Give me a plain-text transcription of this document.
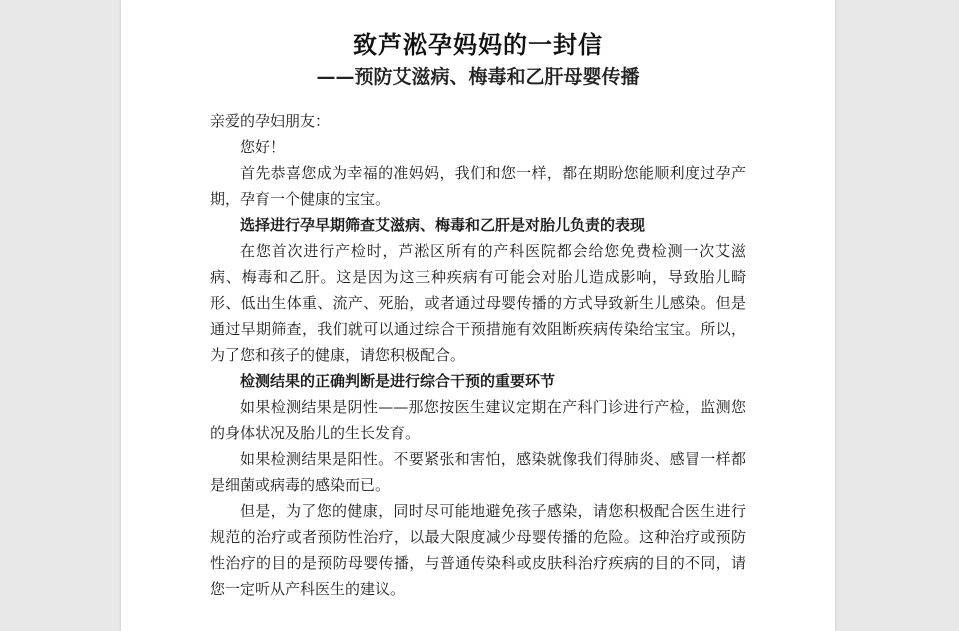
致芦淞孕妈妈的一封信
——预防艾滋病、梅毒和乙肝母婴传播

亲爱的孕妇朋友：

您好！

首先恭喜您成为幸福的准妈妈，我们和您一样，都在期盼您能顺利度过孕产期，孕育一个健康的宝宝。

选择进行孕早期筛查艾滋病、梅毒和乙肝是对胎儿负责的表现

在您首次进行产检时，芦淞区所有的产科医院都会给您免费检测一次艾滋病、梅毒和乙肝。这是因为这三种疾病有可能会对胎儿造成影响，导致胎儿畸形、低出生体重、流产、死胎，或者通过母婴传播的方式导致新生儿感染。但是通过早期筛查，我们就可以通过综合干预措施有效阻断疾病传染给宝宝。所以，为了您和孩子的健康，请您积极配合。

检测结果的正确判断是进行综合干预的重要环节

如果检测结果是阴性——那您按医生建议定期在产科门诊进行产检，监测您的身体状况及胎儿的生长发育。

如果检测结果是阳性。不要紧张和害怕，感染就像我们得肺炎、感冒一样都是细菌或病毒的感染而已。

但是，为了您的健康，同时尽可能地避免孩子感染，请您积极配合医生进行规范的治疗或者预防性治疗，以最大限度减少母婴传播的危险。这种治疗或预防性治疗的目的是预防母婴传播，与普通传染科或皮肤科治疗疾病的目的不同，请您一定听从产科医生的建议。
